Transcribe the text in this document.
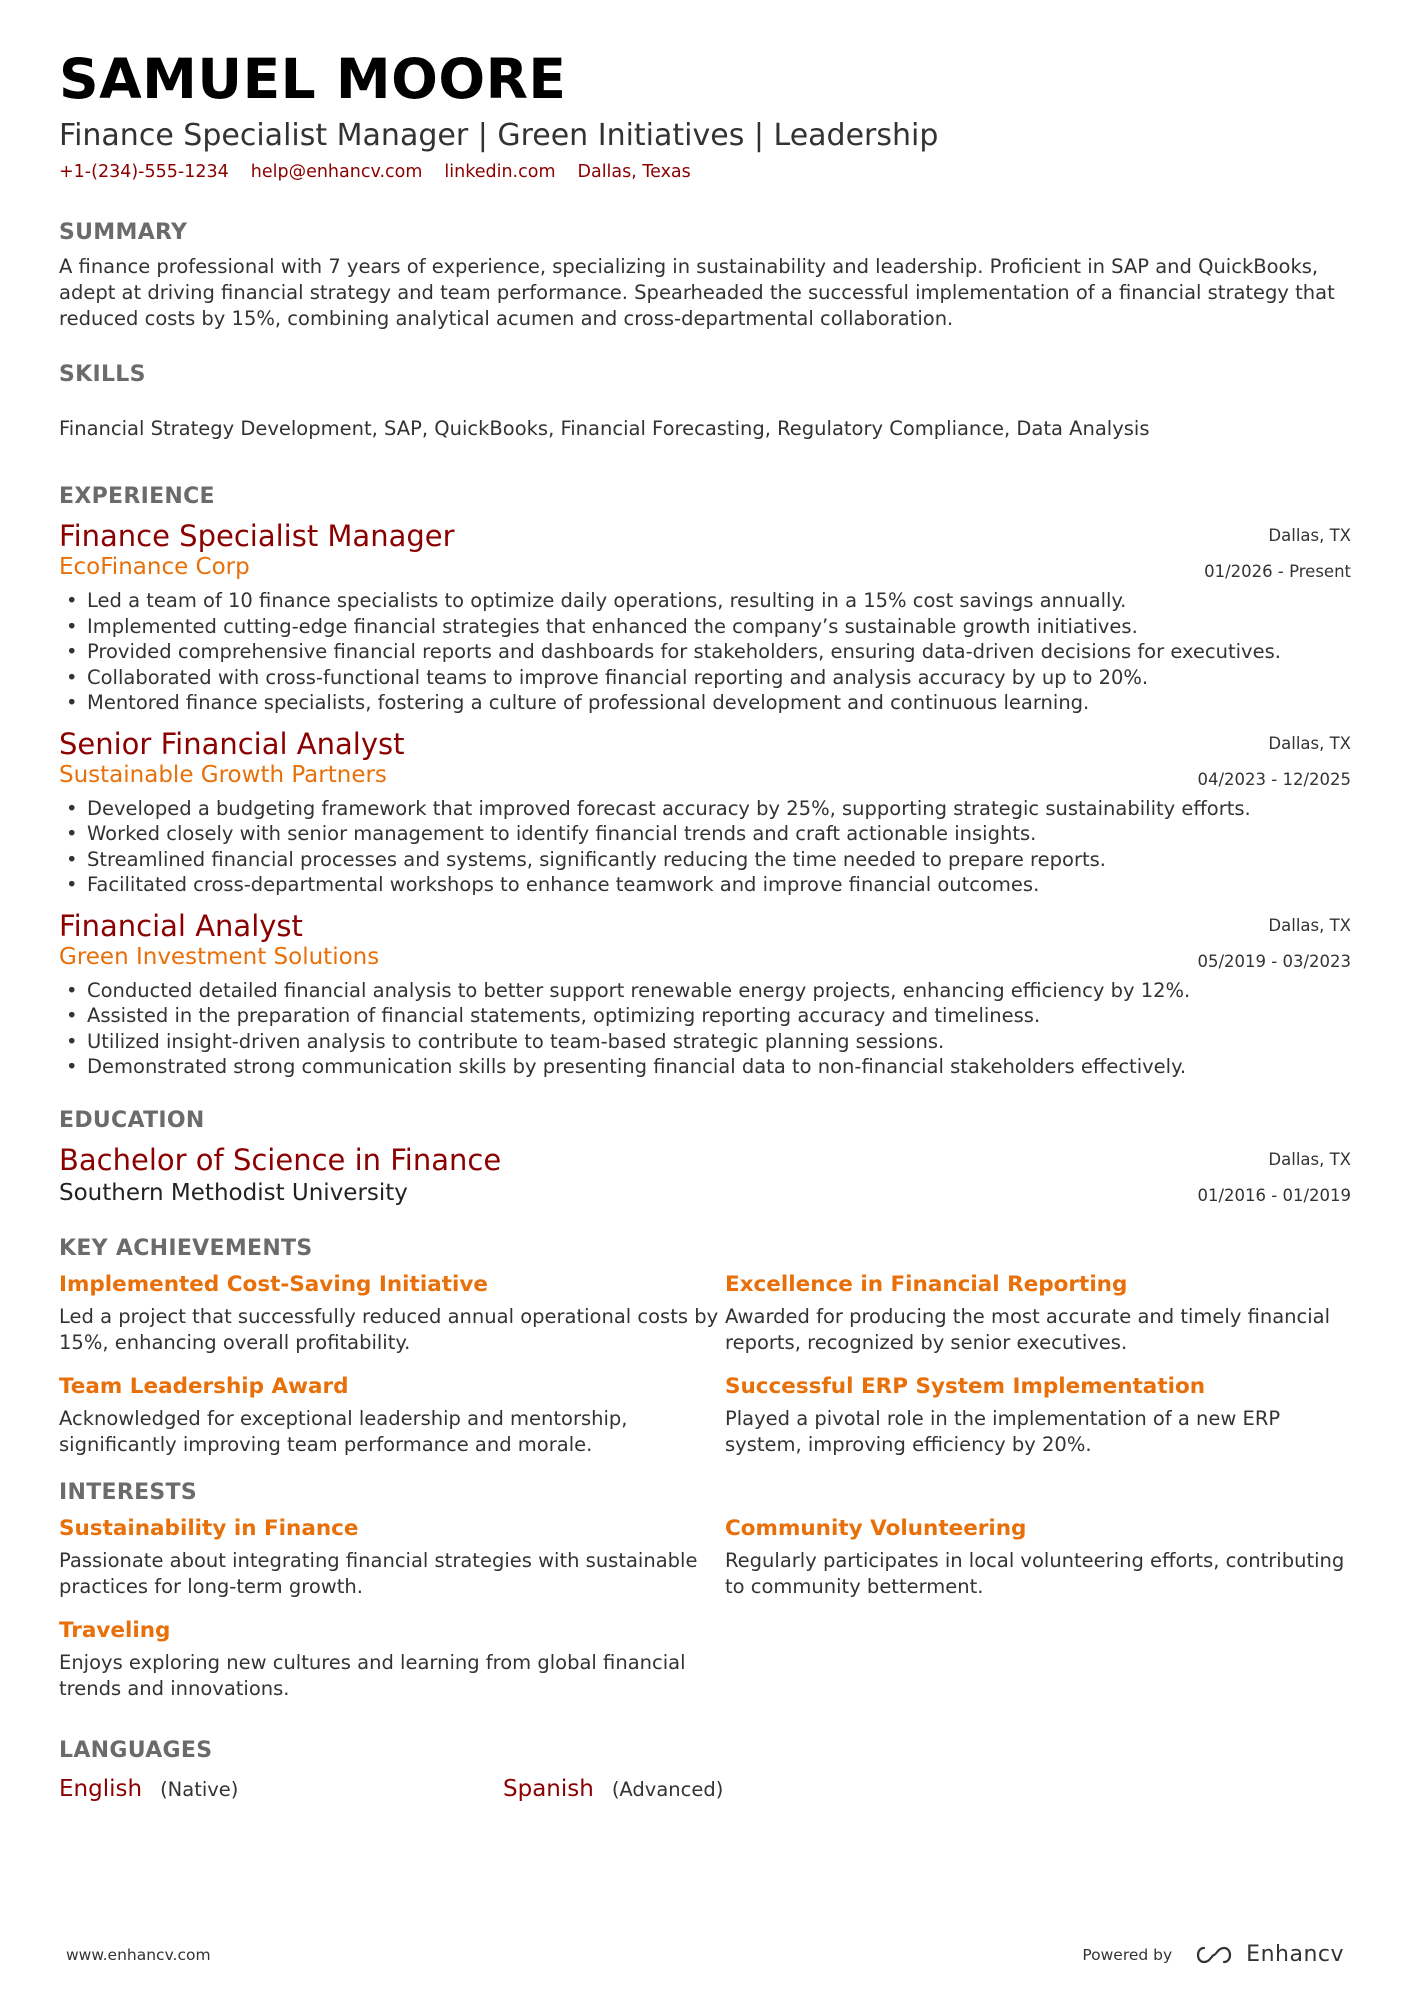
SAMUEL MOORE
Finance Specialist Manager | Green Initiatives | Leadership
+1-(234)-555-1234 help@enhancv.com linkedin.com Dallas, Texas
SUMMARY
A finance professional with 7 years of experience, specializing in sustainability and leadership. Proficient in SAP and QuickBooks, adept at driving financial strategy and team performance. Spearheaded the successful implementation of a financial strategy that reduced costs by 15%, combining analytical acumen and cross-departmental collaboration.
SKILLS
Financial Strategy Development, SAP, QuickBooks, Financial Forecasting, Regulatory Compliance, Data Analysis
EXPERIENCE
Finance Specialist Manager
EcoFinance Corp
Dallas, TX
01/2026 - Present
• Led a team of 10 finance specialists to optimize daily operations, resulting in a 15% cost savings annually.
• Implemented cutting-edge financial strategies that enhanced the company’s sustainable growth initiatives.
• Provided comprehensive financial reports and dashboards for stakeholders, ensuring data-driven decisions for executives.
• Collaborated with cross-functional teams to improve financial reporting and analysis accuracy by up to 20%.
• Mentored finance specialists, fostering a culture of professional development and continuous learning.
Senior Financial Analyst
Sustainable Growth Partners
Dallas, TX
04/2023 - 12/2025
• Developed a budgeting framework that improved forecast accuracy by 25%, supporting strategic sustainability efforts.
• Worked closely with senior management to identify financial trends and craft actionable insights.
• Streamlined financial processes and systems, significantly reducing the time needed to prepare reports.
• Facilitated cross-departmental workshops to enhance teamwork and improve financial outcomes.
Financial Analyst
Green Investment Solutions
Dallas, TX
05/2019 - 03/2023
• Conducted detailed financial analysis to better support renewable energy projects, enhancing efficiency by 12%.
• Assisted in the preparation of financial statements, optimizing reporting accuracy and timeliness.
• Utilized insight-driven analysis to contribute to team-based strategic planning sessions.
• Demonstrated strong communication skills by presenting financial data to non-financial stakeholders effectively.
EDUCATION
Bachelor of Science in Finance
Southern Methodist University
Dallas, TX
01/2016 - 01/2019
KEY ACHIEVEMENTS
Implemented Cost-Saving Initiative
Led a project that successfully reduced annual operational costs by 15%, enhancing overall profitability.
Excellence in Financial Reporting
Awarded for producing the most accurate and timely financial reports, recognized by senior executives.
Team Leadership Award
Acknowledged for exceptional leadership and mentorship, significantly improving team performance and morale.
Successful ERP System Implementation
Played a pivotal role in the implementation of a new ERP system, improving efficiency by 20%.
INTERESTS
Sustainability in Finance
Passionate about integrating financial strategies with sustainable practices for long-term growth.
Community Volunteering
Regularly participates in local volunteering efforts, contributing to community betterment.
Traveling
Enjoys exploring new cultures and learning from global financial trends and innovations.
LANGUAGES
English (Native)	Spanish (Advanced)
www.enhancv.com	Powered by	Enhancv
